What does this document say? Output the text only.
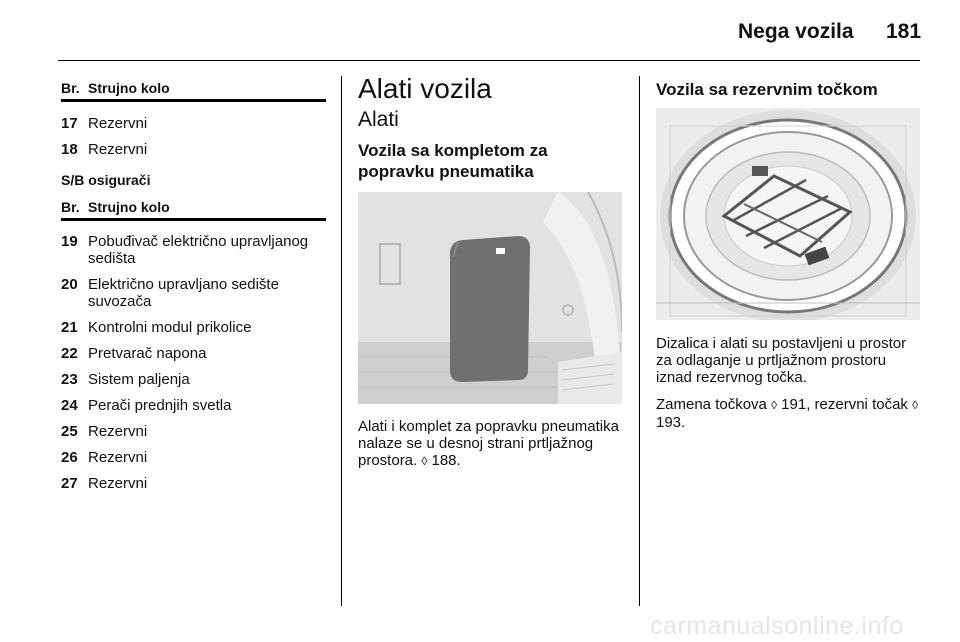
Nega vozila 181
Br. Strujno kolo
17 Rezervni
18 Rezervni
S/B osigurači
Br. Strujno kolo
19 Pobuđivač električno upravljanog sedišta
20 Električno upravljano sedište suvozača
21 Kontrolni modul prikolice
22 Pretvarač napona
23 Sistem paljenja
24 Perači prednjih svetla
25 Rezervni
26 Rezervni
27 Rezervni
Alati vozila
Alati
Vozila sa kompletom za popravku pneumatika
Alati i komplet za popravku pneumatika nalaze se u desnoj strani prtljažnog prostora. ◊ 188.
Vozila sa rezervnim točkom
Dizalica i alati su postavljeni u prostor za odlaganje u prtljažnom prostoru iznad rezervnog točka.
Zamena točkova ◊ 191, rezervni točak ◊ 193.
carmanualsonline.info
